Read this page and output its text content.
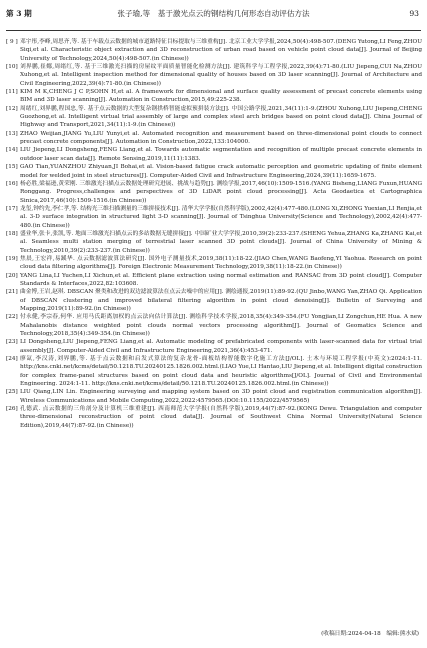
第 3 期	张子瑜,等　基于激光点云的钢结构几何形态自动评估方法	93
[ 9 ] 邓宇彤,李峰,周思齐,等. 基于车载点云数据的城市道路特征目标提取与三维重构[J]. 北京工业大学学报,2024,50(4):498-507.(DENG Yutong,LI Feng,ZHOU Siqi,et al. Characteristic object extraction and 3D reconstruction of urban road based on vehicle point cloud data[J]. Journal of Beijing University of Technology,2024,50(4):498-507.(in Chinese))
[10] 刘界鹏,崔娜,周绪红,等. 基于三维激光扫描的房屋纹平面质量智能化检测方法[J]. 建筑科学与工程学报,2022,39(4):71-80.(LIU Jiepeng,CUI Na,ZHOU Xuhong,et al. Intelligent inspection method for dimensional quality of houses based on 3D laser scanning[J]. Journal of Architecture and Civil Engineering,2022,39(4):71-80.(in Chinese))
[11] KIM M K,CHENG J C P,SOHN H,et al. A framework for dimensional and surface quality assessment of precast concrete elements using BIM and 3D laser scanning[J]. Automation in Construction,2015,49:225-238.
[12] 周绪红,刘界鹏,程国忠,等. 基于点云数据的大型复杂钢拱桥智能虚拟预拼装方法[J]. 中国公路学报,2021,34(11):1-9.(ZHOU Xuhong,LIU Jiepeng,CHENG Guozhong,et al. Intelligent virtual trial assembly of large and complex steel arch bridges based on point cloud data[J]. China Journal of Highway and Transport,2021,34(11):1-9.(in Chinese))
[13] ZHAO Weijian,JIANG Yu,LIU Yunyi,et al. Automated recognition and measurement based on three-dimensional point clouds to connect precast concrete components[J]. Automation in Construction,2022,133:104000.
[14] LIU Jiepeng,LI Dongsheng,FENG Liang,et al. Towards automatic segmentation and recognition of multiple precast concrete elements in outdoor laser scan data[J]. Remote Sensing,2019,11(11):1383.
[15] GAO Tian,YUANZHOU Zhiyuan,JI Bohai,et al. Vision-based fatigue crack automatic perception and geometric updating of finite element model for welded joint in steel structures[J]. Computer-Aided Civil and Infrastructure Engineering,2024,39(11):1659-1675.
[16] 杨必胜,梁福逊,黄荣刚. 三维激光扫描点云数据处理研究进展、挑战与趋势[J]. 测绘学报,2017,46(10):1509-1516.(YANG Bisheng,LIANG Fuxun,HUANG Ronggang. Progress,challenges and perspectives of 3D LiDAR point cloud processing[J]. Acta Geodaetica et Cartographica Sinica,2017,46(10):1509-1516.(in Chinese))
[17] 龙玺,钟约先,李仁孝,等. 结构光三维扫描测量的三维拼接技术[J]. 清华大学学报(自然科学版),2002,42(4):477-480.(LONG Xi,ZHONG Yuexian,LI Renjia,et al. 3-D surface integration in structured light 3-D scanning[J]. Journal of Tsinghua University(Science and Technology),2002,42(4):477-480.(in Chinese))
[18] 盛业华,张卡,张凯,等. 地面三维激光扫描点云的多站数据无缝拼接[J]. 中国矿业大学学报,2010,39(2):233-237.(SHENG Yehua,ZHANG Ka,ZHANG Kai,et al. Seamless multi station merging of terrestrial laser scanned 3D point clouds[J]. Journal of China University of Mining & Technology,2010,39(2):233-237.(in Chinese))
[19] 焦晨,王宏祥,易蹊华. 点云数据滤波算法研究[J]. 国外电子测量技术,2019,38(11):18-22.(JIAO Chen,WANG Baofeng,YI Yaohua. Research on point cloud data filtering algorithms[J]. Foreign Electronic Measurement Technology,2019,38(11):18-22.(in Chinese))
[20] YANG Lina,LI Yuchen,LI Xichun,et al. Efficient plane extraction using normal estimation and RANSAC from 3D point cloud[J]. Computer Standards & Interfaces,2022,82:103608.
[21] 曲金博,王岩,赵琪. DBSCAN 聚类和改进的双边滤波算法在点云去噪中的应用[J]. 测绘通报,2019(11):89-92.(QU Jinbo,WANG Yan,ZHAO Qi. Application of DBSCAN clustering and improved bilateral filtering algorithm in point cloud denoising[J]. Bulletin of Surveying and Mapping,2019(11):89-92.(in Chinese))
[22] 付永健,李宗春,何华. 应用马氏距离加权的点云法向估计算法[J]. 测绘科学技术学报,2018,35(4):349-354.(FU Yongjian,LI Zongchun,HE Hua. A new Mahalanobis distance weighted point clouds normal vectors processing algorithm[J]. Journal of Geomatics Science and Technology,2018,35(4):349-354.(in Chinese))
[23] LI Dongsheng,LIU Jiepeng,FENG Liang,et al. Automatic modeling of prefabricated components with laser-scanned data for virtual trial assembly[J]. Computer-Aided Civil and Infrastructure Engineering,2021,36(4):453-471.
[24] 廖氙,李汉涛,刘界鹏,等. 基于点云数据和启发式算法的复杂龙骨-面板结构智能数字化施工方法[J/OL]. 土木与环境工程学报(中英文):2024:1-11. http://kns.cnki.net/kcms/detail/50.1218.TU.20240125.1826.002.html.(LIAO Yue,LI Hantao,LIU Jiepeng,et al. Intelligent digital construction for complex frame-panel structures based on point cloud data and heuristic algorithms[J/OL]. Journal of Civil and Environmental Engineering. 2024:1-11. http://kns.cnki.net/kcms/detail/50.1218.TU.20240125.1826.002.html.(in Chinese))
[25] LIU Qiang,LIN Lin. Engineering surveying and mapping system based on 3D point cloud and registration communication algorithm[J]. Wireless Communications and Mobile Computing,2022,2022:4579565.(DOI:10.1155/2022/4579565)
[26] 孔德武. 点云数据的三角剖分及计算机三维重建[J]. 西南师范大学学报(自然科学版),2019,44(7):87-92.(KONG Dewu. Triangulation and computer three-dimensional reconstruction of point cloud data[J]. Journal of Southwest China Normal University(Natural Science Edition),2019,44(7):87-92.(in Chinese))
(收稿日期:2024-04-18　编辑:熊水斌)
